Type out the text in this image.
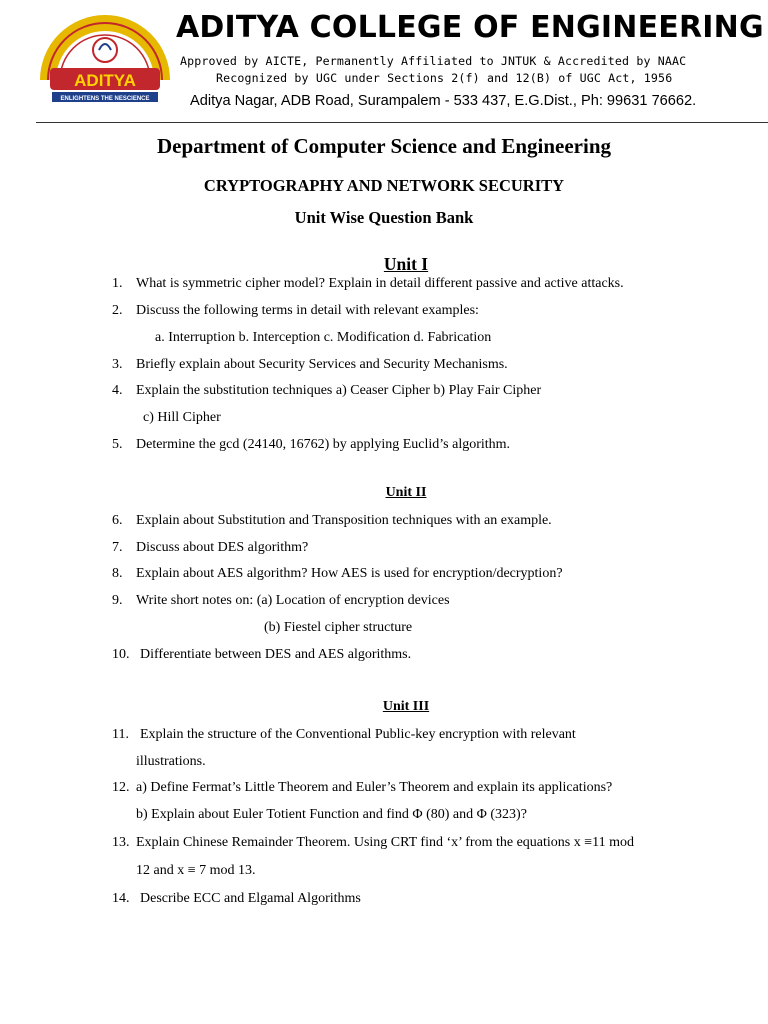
ADITYA
ENLIGHTENS THE NESCIENCE
ADITYA COLLEGE OF ENGINEERING
Approved by AICTE, Permanently Affiliated to JNTUK & Accredited by NAAC
Recognized by UGC under Sections 2(f) and 12(B) of UGC Act, 1956
Aditya Nagar, ADB Road, Surampalem - 533 437, E.G.Dist., Ph: 99631 76662.
Department of Computer Science and Engineering
CRYPTOGRAPHY AND NETWORK SECURITY
Unit Wise Question Bank
Unit I
1. What is symmetric cipher model? Explain in detail different passive and active attacks.
2. Discuss the following terms in detail with relevant examples:
a. Interruption b. Interception c. Modification d. Fabrication
3. Briefly explain about Security Services and Security Mechanisms.
4. Explain the substitution techniques a) Ceaser Cipher b) Play Fair Cipher
c) Hill Cipher
5. Determine the gcd (24140, 16762) by applying Euclid’s algorithm.
Unit II
6. Explain about Substitution and Transposition techniques with an example.
7. Discuss about DES algorithm?
8. Explain about AES algorithm? How AES is used for encryption/decryption?
9. Write short notes on: (a) Location of encryption devices
(b) Fiestel cipher structure
10. Differentiate between DES and AES algorithms.
Unit III
11. Explain the structure of the Conventional Public-key encryption with relevant
illustrations.
12. a) Define Fermat’s Little Theorem and Euler’s Theorem and explain its applications?
b) Explain about Euler Totient Function and find Φ (80) and Φ (323)?
13. Explain Chinese Remainder Theorem. Using CRT find ‘x’ from the equations x ≡11 mod
12 and x ≡ 7 mod 13.
14. Describe ECC and Elgamal Algorithms
